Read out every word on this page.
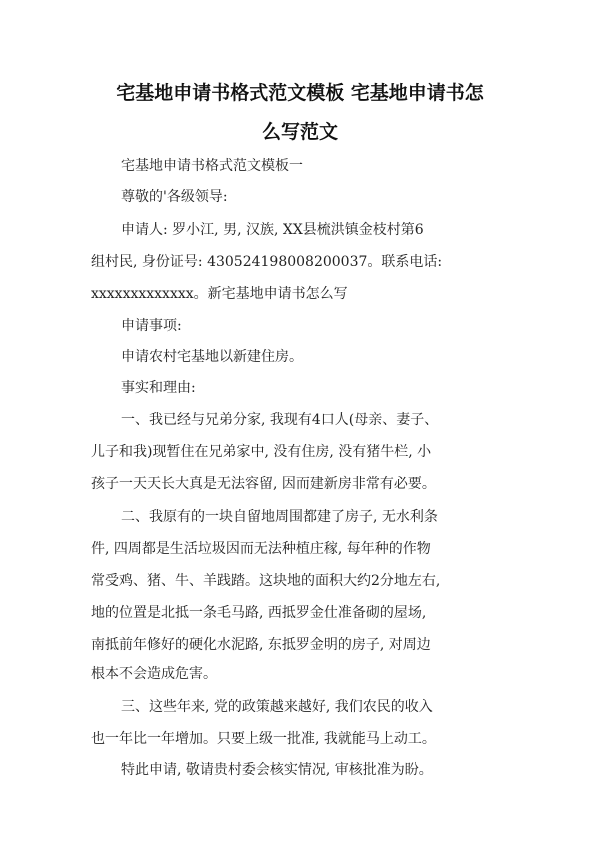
宅基地申请书格式范文模板 宅基地申请书怎
么写范文
宅基地申请书格式范文模板一
尊敬的'各级领导:
申请人: 罗小江, 男, 汉族, XX县梳洪镇金枝村第6
组村民, 身份证号: 430524198008200037。联系电话:
xxxxxxxxxxxxx。新宅基地申请书怎么写
申请事项:
申请农村宅基地以新建住房。
事实和理由:
一、我已经与兄弟分家, 我现有4口人(母亲、妻子、
儿子和我)现暂住在兄弟家中, 没有住房, 没有猪牛栏, 小
孩子一天天长大真是无法容留, 因而建新房非常有必要。
二、我原有的一块自留地周围都建了房子, 无水利条
件, 四周都是生活垃圾因而无法种植庄稼, 每年种的作物
常受鸡、猪、牛、羊践踏。这块地的面积大约2分地左右,
地的位置是北抵一条毛马路, 西抵罗金仕准备砌的屋场,
南抵前年修好的硬化水泥路, 东抵罗金明的房子, 对周边
根本不会造成危害。
三、这些年来, 党的政策越来越好, 我们农民的收入
也一年比一年增加。只要上级一批准, 我就能马上动工。
特此申请, 敬请贵村委会核实情况, 审核批准为盼。
